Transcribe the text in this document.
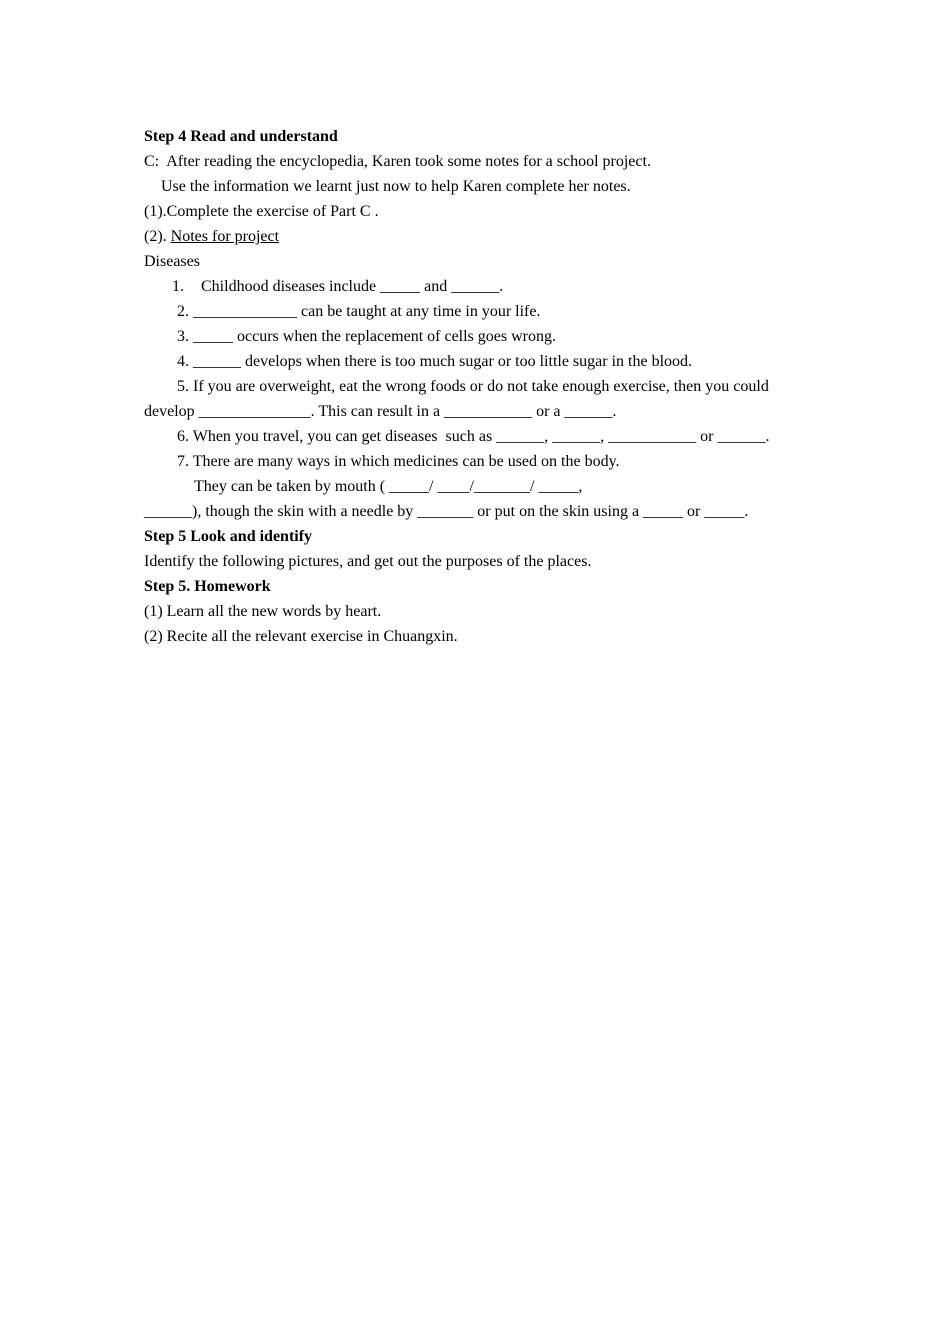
Step 4 Read and understand
C:  After reading the encyclopedia, Karen took some notes for a school project.
Use the information we learnt just now to help Karen complete her notes.
(1).Complete the exercise of Part C .
(2). Notes for project
Diseases
1. Childhood diseases include _____ and ______.
2. _____________ can be taught at any time in your life.
3. _____ occurs when the replacement of cells goes wrong.
4. ______ develops when there is too much sugar or too little sugar in the blood.
5. If you are overweight, eat the wrong foods or do not take enough exercise, then you could
develop ______________. This can result in a ___________ or a ______.
6. When you travel, you can get diseases  such as ______, ______, ___________ or ______.
7. There are many ways in which medicines can be used on the body.
They can be taken by mouth ( _____/ ____/_______/ _____,
______), though the skin with a needle by _______ or put on the skin using a _____ or _____.
Step 5 Look and identify
Identify the following pictures, and get out the purposes of the places.
Step 5. Homework
(1) Learn all the new words by heart.
(2) Recite all the relevant exercise in Chuangxin.
